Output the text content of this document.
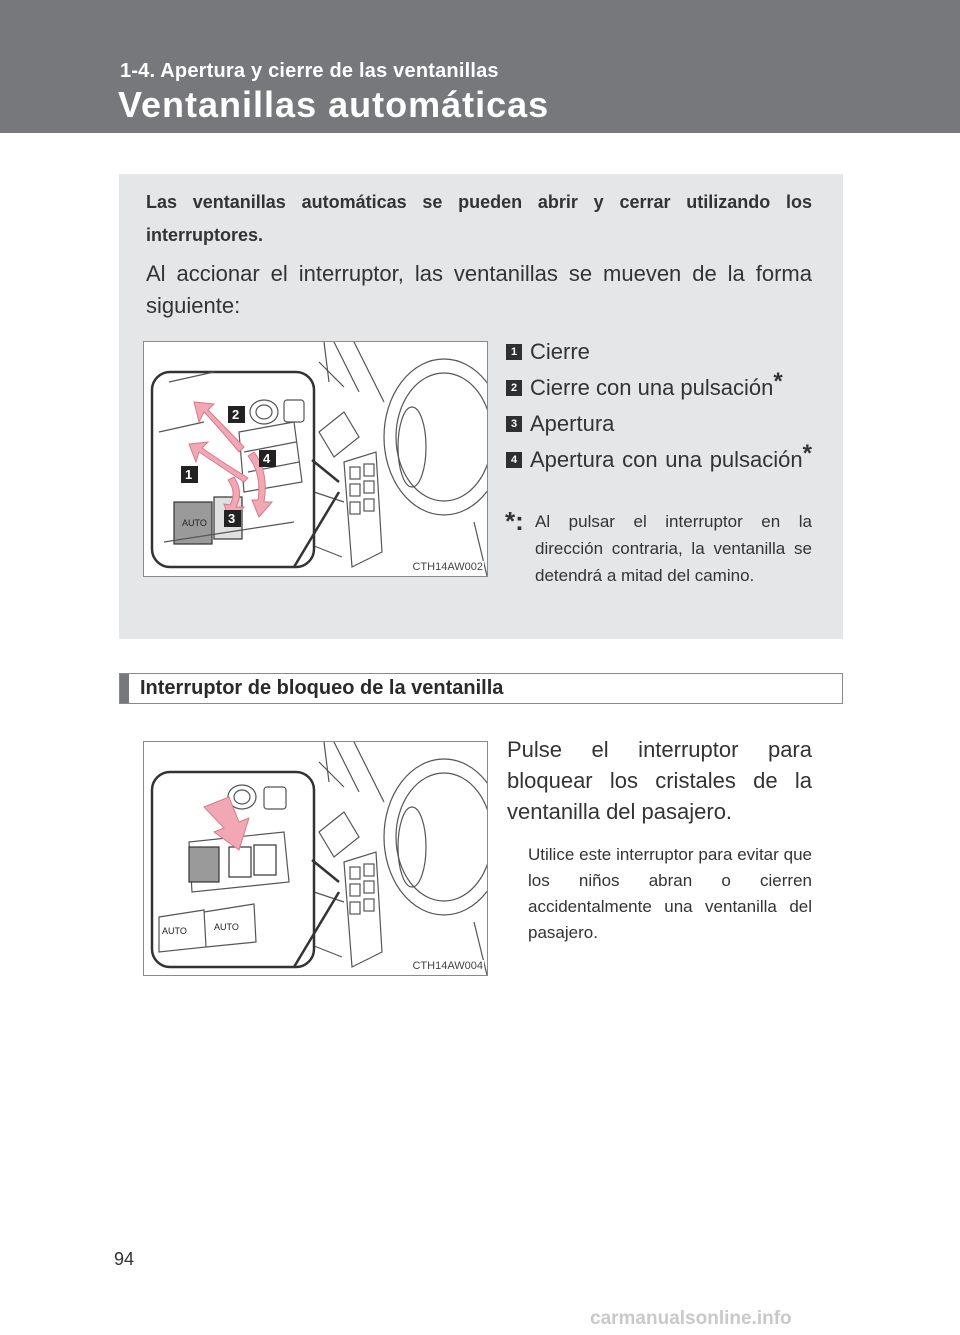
1-4. Apertura y cierre de las ventanillas
Ventanillas automáticas
Las ventanillas automáticas se pueden abrir y cerrar utilizando los interruptores.
Al accionar el interruptor, las ventanillas se mueven de la forma siguiente:
AUTO
1
2
3
4
CTH14AW002
1 Cierre
2 Cierre con una pulsación*
3 Apertura
4 Apertura con una pulsación*
*: Al pulsar el interruptor en la dirección contraria, la ventanilla se detendrá a mitad del camino.
Interruptor de bloqueo de la ventanilla
AUTO	AUTO
CTH14AW004
Pulse el interruptor para bloquear los cristales de la ventanilla del pasajero.
Utilice este interruptor para evitar que los niños abran o cierren accidentalmente una ventanilla del pasajero.
94
carmanualsonline.info
